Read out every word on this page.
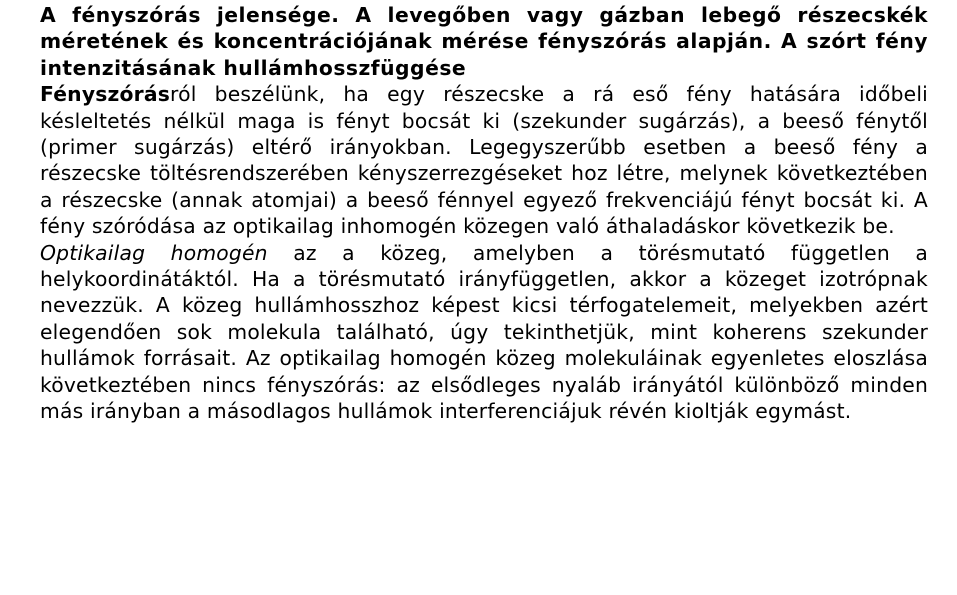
A fényszórás jelensége. A levegőben vagy gázban lebegő részecskék méretének és koncentrációjának mérése fényszórás alapján. A szórt fény intenzitásának hullámhosszfüggése

Fényszórásról beszélünk, ha egy részecske a rá eső fény hatására időbeli késleltetés nélkül maga is fényt bocsát ki (szekunder sugárzás), a beeső fénytől (primer sugárzás) eltérő irányokban. Legegyszerűbb esetben a beeső fény a részecske töltésrendszerében kényszerrezgéseket hoz létre, melynek következtében a részecske (annak atomjai) a beeső fénnyel egyező frekvenciájú fényt bocsát ki. A fény szóródása az optikailag inhomogén közegen való áthaladáskor következik be.

Optikailag homogén az a közeg, amelyben a törésmutató független a helykoordinátáktól. Ha a törésmutató irányfüggetlen, akkor a közeget izotrópnak nevezzük. A közeg hullámhosszhoz képest kicsi térfogatelemeit, melyekben azért elegendően sok molekula található, úgy tekinthetjük, mint koherens szekunder hullámok forrásait. Az optikailag homogén közeg molekuláinak egyenletes eloszlása következtében nincs fényszórás: az elsődleges nyaláb irányától különböző minden más irányban a másodlagos hullámok interferenciájuk révén kioltják egymást.
